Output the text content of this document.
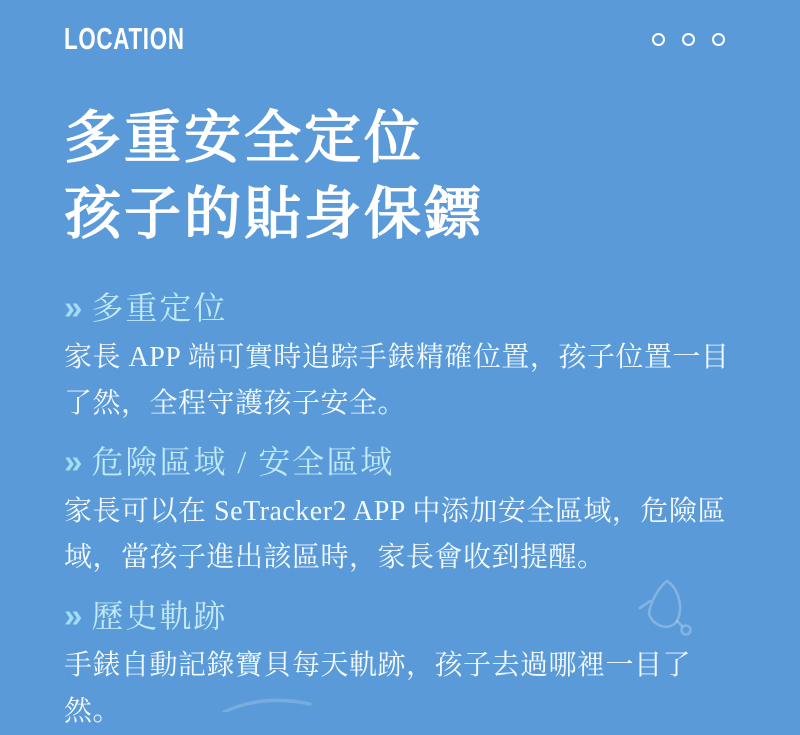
LOCATION
多重安全定位
孩子的貼身保鏢
» 多重定位

家長 APP 端可實時追踪手錶精確位置，孩子位置一目了然，全程守護孩子安全。

» 危險區域 / 安全區域

家長可以在 SeTracker2 APP 中添加安全區域，危險區域，當孩子進出該區時，家長會收到提醒。

» 歷史軌跡

手錶自動記錄寶貝每天軌跡，孩子去過哪裡一目了然。
